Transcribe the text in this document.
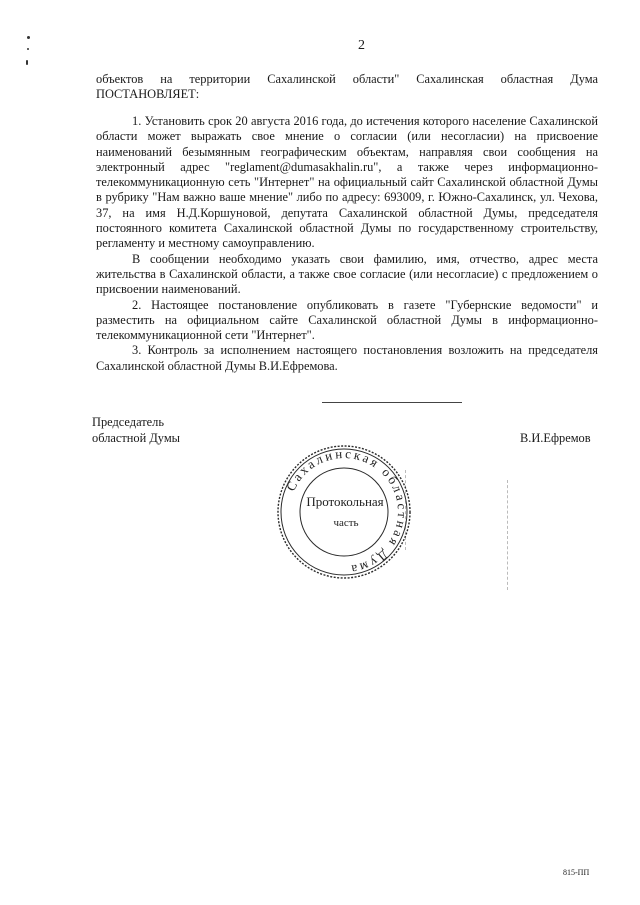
2

объектов на территории Сахалинской области" Сахалинская областная Дума ПОСТАНОВЛЯЕТ:

1. Установить срок 20 августа 2016 года, до истечения которого население Сахалинской области может выражать свое мнение о согласии (или несогласии) на присвоение наименований безымянным географическим объектам, направляя свои сообщения на электронный адрес "reglament@dumasakhalin.ru", а также через информационно-телекоммуникационную сеть "Интернет" на официальный сайт Сахалинской областной Думы в рубрику "Нам важно ваше мнение" либо по адресу: 693009, г. Южно-Сахалинск, ул. Чехова, 37, на имя Н.Д.Коршуновой, депутата Сахалинской областной Думы, председателя постоянного комитета Сахалинской областной Думы по государственному строительству, регламенту и местному самоуправлению.

В сообщении необходимо указать свои фамилию, имя, отчество, адрес места жительства в Сахалинской области, а также свое согласие (или несогласие) с предложением о присвоении наименований.

2. Настоящее постановление опубликовать в газете "Губернские ведомости" и разместить на официальном сайте Сахалинской областной Думы в информационно-телекоммуникационной сети "Интернет".

3. Контроль за исполнением настоящего постановления возложить на председателя Сахалинской областной Думы В.И.Ефремова.

Председатель
областной Думы	В.И.Ефремов
Сахалинская областная Дума
Протокольная
часть
815-ПП
